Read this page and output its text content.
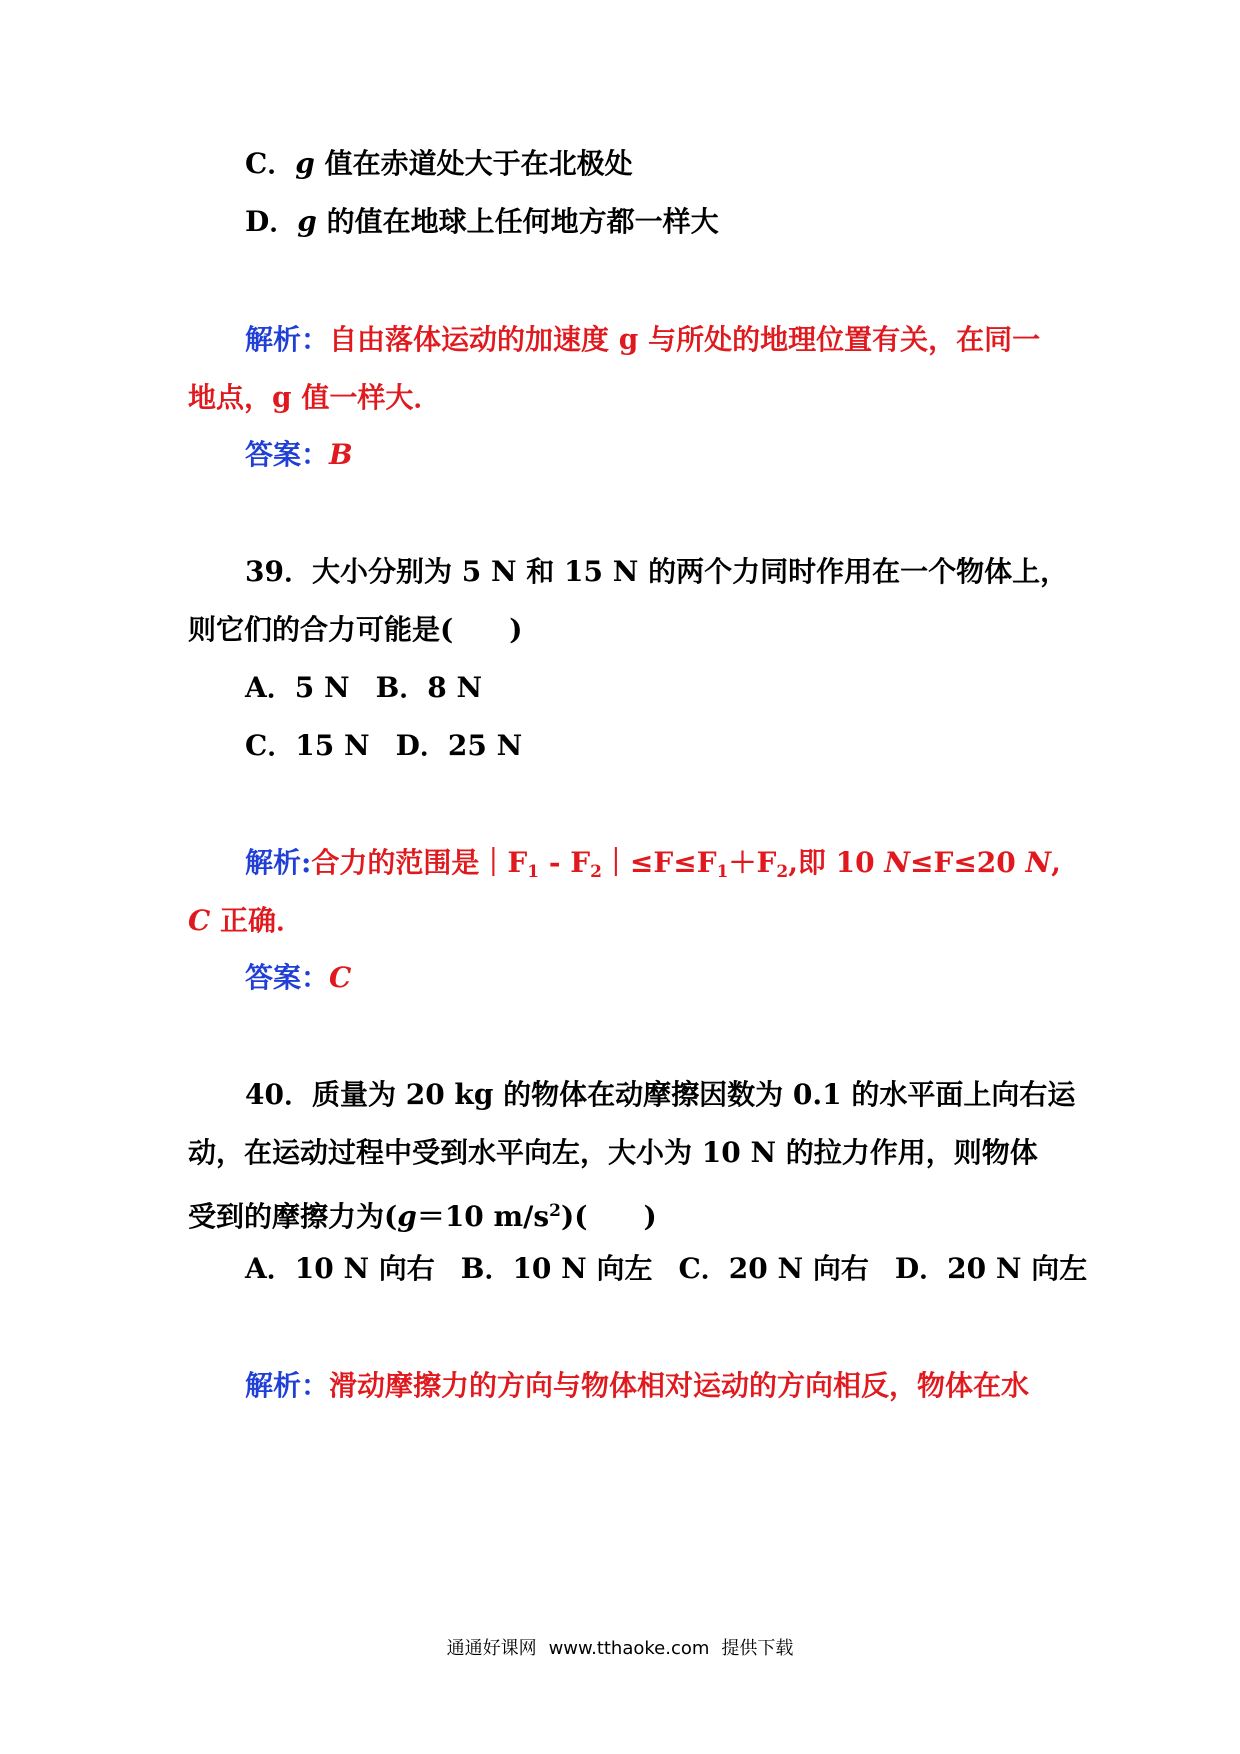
C．g 值在赤道处大于在北极处
D．g 的值在地球上任何地方都一样大
解析：自由落体运动的加速度 g 与所处的地理位置有关，在同一
地点，g 值一样大．
答案：B
39．大小分别为 5 N 和 15 N 的两个力同时作用在一个物体上，
则它们的合力可能是(　　)
A．5 N B．8 N
C．15 N D．25 N
解析:合力的范围是$|F_1$ - $F_2|\le F\le F_1+F_2$,即 10 N≤F≤20 N,
C 正确．
答案：C
40．质量为 20 kg 的物体在动摩擦因数为 0.1 的水平面上向右运
动，在运动过程中受到水平向左，大小为 10 N 的拉力作用，则物体
受到的摩擦力为(g＝10 $m/s^2$)(　　)
A．10 N 向右 B．10 N 向左 C．20 N 向右 D．20 N 向左
解析：滑动摩擦力的方向与物体相对运动的方向相反，物体在水
通通好课网 www.tthaoke.com 提供下载
